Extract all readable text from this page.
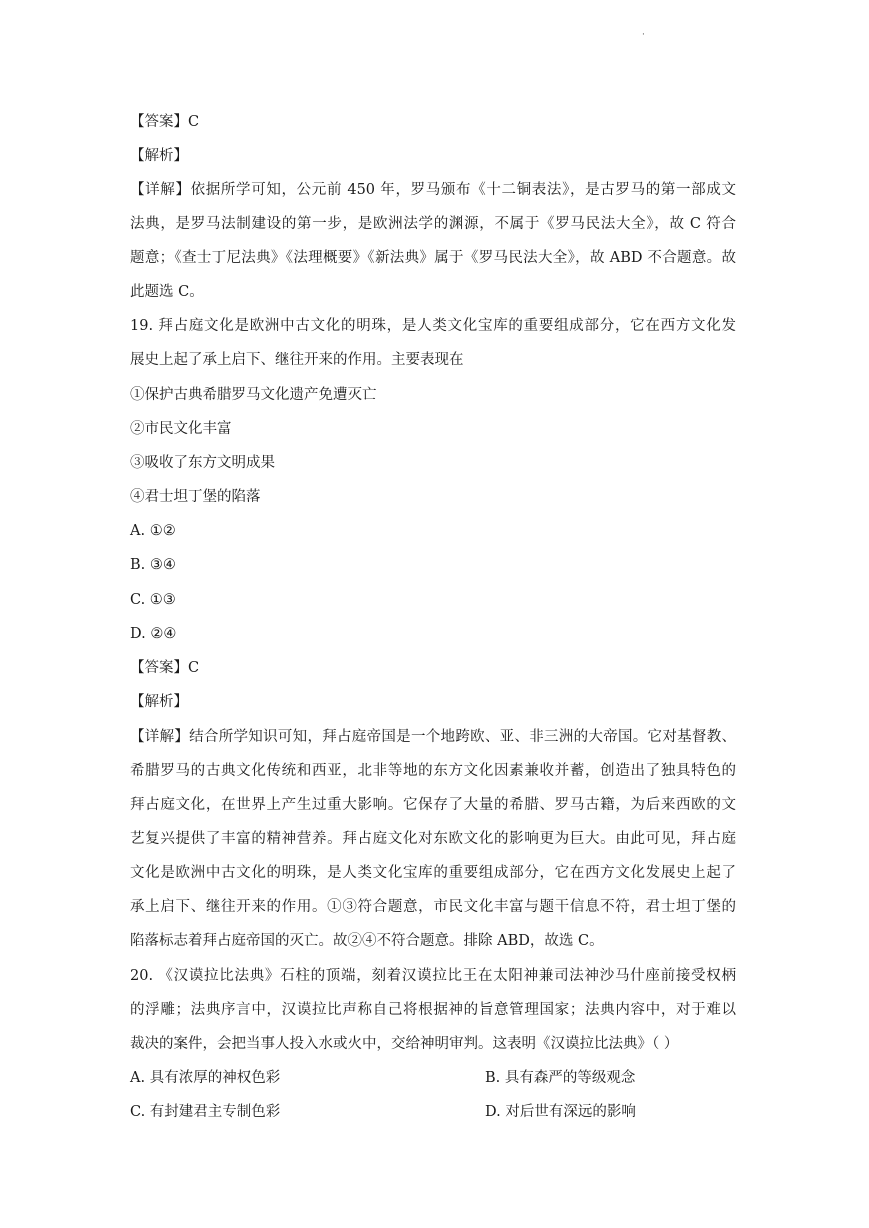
·
【答案】C
【解析】
【详解】依据所学可知，公元前 450 年，罗马颁布《十二铜表法》，是古罗马的第一部成文
法典，是罗马法制建设的第一步，是欧洲法学的渊源，不属于《罗马民法大全》，故 C 符合
题意；《查士丁尼法典》《法理概要》《新法典》属于《罗马民法大全》，故 ABD 不合题意。故
此题选 C。
19. 拜占庭文化是欧洲中古文化的明珠，是人类文化宝库的重要组成部分，它在西方文化发
展史上起了承上启下、继往开来的作用。主要表现在
①保护古典希腊罗马文化遗产免遭灭亡
②市民文化丰富
③吸收了东方文明成果
④君士坦丁堡的陷落
A. ①②
B. ③④
C. ①③
D. ②④
【答案】C
【解析】
【详解】结合所学知识可知，拜占庭帝国是一个地跨欧、亚、非三洲的大帝国。它对基督教、
希腊罗马的古典文化传统和西亚，北非等地的东方文化因素兼收并蓄，创造出了独具特色的
拜占庭文化，在世界上产生过重大影响。它保存了大量的希腊、罗马古籍，为后来西欧的文
艺复兴提供了丰富的精神营养。拜占庭文化对东欧文化的影响更为巨大。由此可见，拜占庭
文化是欧洲中古文化的明珠，是人类文化宝库的重要组成部分，它在西方文化发展史上起了
承上启下、继往开来的作用。①③符合题意，市民文化丰富与题干信息不符，君士坦丁堡的
陷落标志着拜占庭帝国的灭亡。故②④不符合题意。排除 ABD，故选 C。
20. 《汉谟拉比法典》石柱的顶端，刻着汉谟拉比王在太阳神兼司法神沙马什座前接受权柄
的浮雕；法典序言中，汉谟拉比声称自己将根据神的旨意管理国家；法典内容中，对于难以
裁决的案件，会把当事人投入水或火中，交给神明审判。这表明《汉谟拉比法典》（ ）
A. 具有浓厚的神权色彩	B. 具有森严的等级观念
C. 有封建君主专制色彩	D. 对后世有深远的影响
